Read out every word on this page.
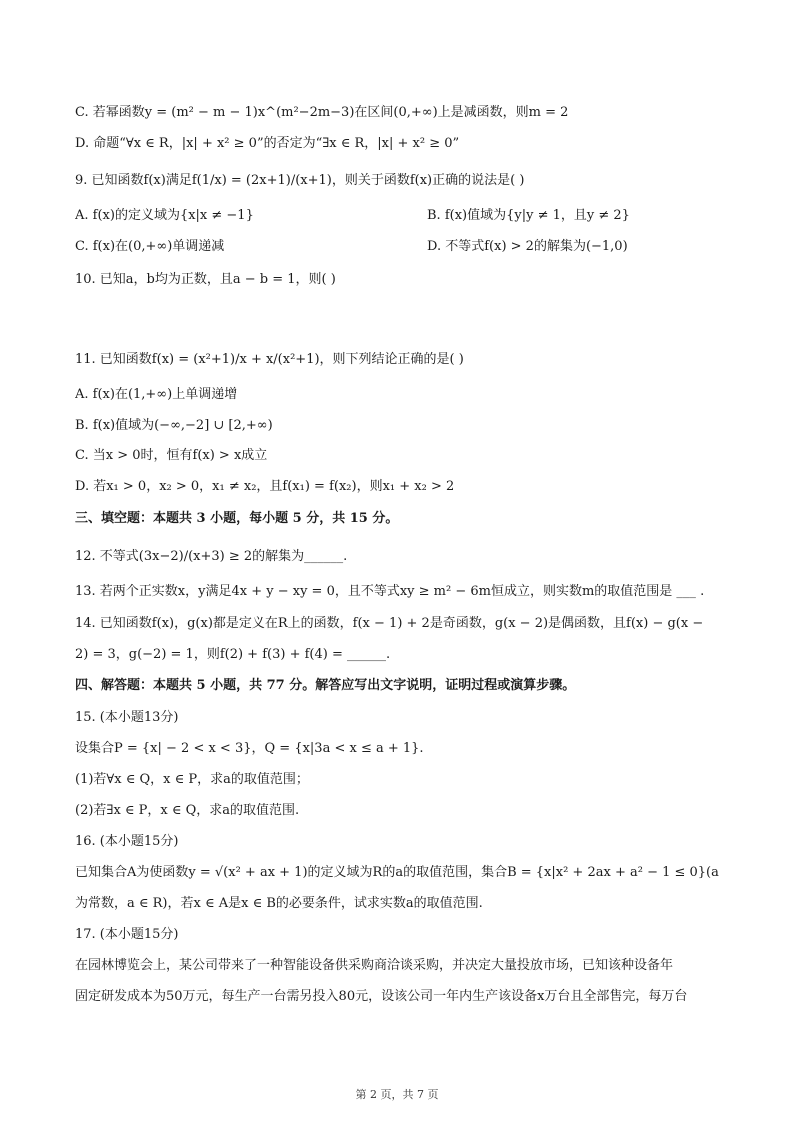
C. 若幂函数y = (m² − m − 1)x^(m²−2m−3)在区间(0,+∞)上是减函数，则m = 2
D. 命题“∀x ∈ R，|x| + x² ≥ 0”的否定为“∃x ∈ R，|x| + x² ≥ 0”
9. 已知函数f(x)满足f(1/x) = (2x+1)/(x+1)，则关于函数f(x)正确的说法是( )
A. f(x)的定义域为{x|x ≠ −1}	B. f(x)值域为{y|y ≠ 1，且y ≠ 2}
C. f(x)在(0,+∞)单调递减	D. 不等式f(x) > 2的解集为(−1,0)
10. 已知a，b均为正数，且a − b = 1，则( )
11. 已知函数f(x) = (x²+1)/x + x/(x²+1)，则下列结论正确的是( )
A. f(x)在(1,+∞)上单调递增
B. f(x)值域为(−∞,−2] ∪ [2,+∞)
C. 当x > 0时，恒有f(x) > x成立
D. 若x₁ > 0，x₂ > 0，x₁ ≠ x₂，且f(x₁) = f(x₂)，则x₁ + x₂ > 2
三、填空题：本题共 3 小题，每小题 5 分，共 15 分。
12. 不等式(3x−2)/(x+3) ≥ 2的解集为______.
13. 若两个正实数x，y满足4x + y − xy = 0，且不等式xy ≥ m² − 6m恒成立，则实数m的取值范围是 ___ .
14. 已知函数f(x)，g(x)都是定义在R上的函数，f(x − 1) + 2是奇函数，g(x − 2)是偶函数，且f(x) − g(x −
2) = 3，g(−2) = 1，则f(2) + f(3) + f(4) = ______.
四、解答题：本题共 5 小题，共 77 分。解答应写出文字说明，证明过程或演算步骤。
15. (本小题13分)
设集合P = {x| − 2 < x < 3}，Q = {x|3a < x ≤ a + 1}.
(1)若∀x ∈ Q，x ∈ P，求a的取值范围；
(2)若∃x ∈ P，x ∈ Q，求a的取值范围.
16. (本小题15分)
已知集合A为使函数y = √(x² + ax + 1)的定义域为R的a的取值范围，集合B = {x|x² + 2ax + a² − 1 ≤ 0}(a
为常数，a ∈ R)，若x ∈ A是x ∈ B的必要条件，试求实数a的取值范围.
17. (本小题15分)
在园林博览会上，某公司带来了一种智能设备供采购商洽谈采购，并决定大量投放市场，已知该种设备年
固定研发成本为50万元，每生产一台需另投入80元，设该公司一年内生产该设备x万台且全部售完，每万台
第 2 页，共 7 页
